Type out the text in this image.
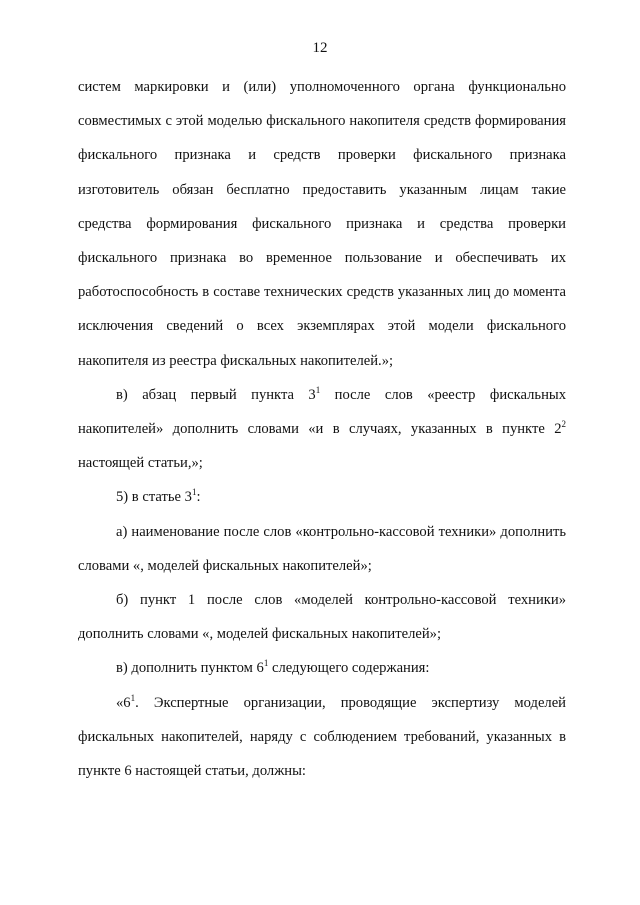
12

систем маркировки и (или) уполномоченного органа функционально совместимых с этой моделью фискального накопителя средств формирования фискального признака и средств проверки фискального признака изготовитель обязан бесплатно предоставить указанным лицам такие средства формирования фискального признака и средства проверки фискального признака во временное пользование и обеспечивать их работоспособность в составе технических средств указанных лиц до момента исключения сведений о всех экземплярах этой модели фискального накопителя из реестра фискальных накопителей.»;

в) абзац первый пункта $3^1$ после слов «реестр фискальных накопителей» дополнить словами «и в случаях, указанных в пункте $2^2$ настоящей статьи,»;

5) в статье $3^1$:

а) наименование после слов «контрольно-кассовой техники» дополнить словами «, моделей фискальных накопителей»;

б) пункт 1 после слов «моделей контрольно-кассовой техники» дополнить словами «, моделей фискальных накопителей»;

в) дополнить пунктом $6^1$ следующего содержания:

«$6^1$. Экспертные организации, проводящие экспертизу моделей фискальных накопителей, наряду с соблюдением требований, указанных в пункте 6 настоящей статьи, должны:
